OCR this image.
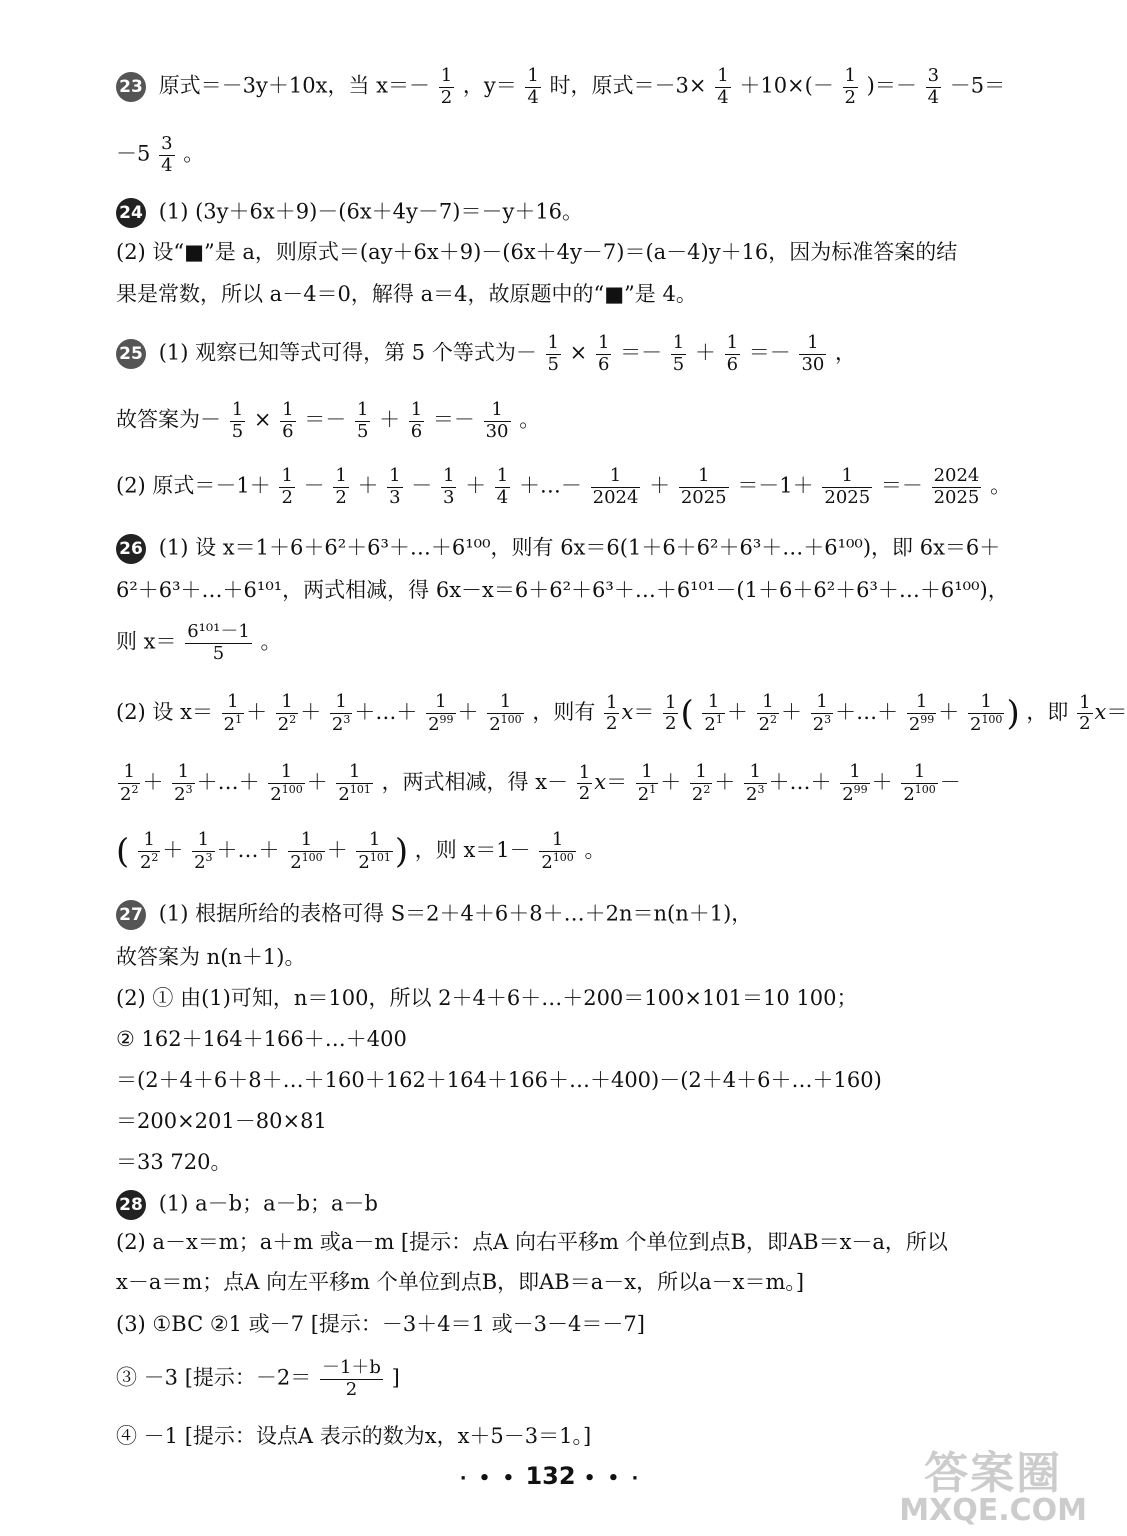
23 原式＝－3y＋10x，当 $x=- \frac{1}{2}$ ，$y= \frac{1}{4}$ 时，原式$=-3\times \frac{1}{4} +10\times(- \frac{1}{2}$ )＝－ $\frac{3}{4} -5=$
$-5 \frac{3}{4}$ 。
24 (1) (3y＋6x＋9)－(6x＋4y－7)＝－y＋16。
(2) 设“■”是 a，则原式＝(ay＋6x＋9)－(6x＋4y－7)＝(a－4)y＋16，因为标准答案的结
果是常数，所以 a－4＝0，解得 a＝4，故原题中的“■”是 4。
25 (1) 观察已知等式可得，第 5 个等式为－ $\frac{1}{5} \times \frac{1}{6} =- \frac{1}{5} + \frac{1}{6} =- \frac{1}{30}$ ，
故答案为－ $\frac{1}{5} \times \frac{1}{6} =- \frac{1}{5} + \frac{1}{6} =- \frac{1}{30}$ 。
(2) 原式$=-1+ \frac{1}{2} - \frac{1}{2} + \frac{1}{3} - \frac{1}{3} + \frac{1}{4}$ ＋…－ $\frac{1}{2024} + \frac{1}{2025} =-1+ \frac{1}{2025} =- \frac{2024}{2025}$ 。
26 (1) 设 x＝1＋6＋6²＋6³＋…＋6¹⁰⁰，则有 6x＝6(1＋6＋6²＋6³＋…＋6¹⁰⁰)，即 6x＝6＋
6²＋6³＋…＋6¹⁰¹，两式相减，得 6x－x＝6＋6²＋6³＋…＋6¹⁰¹－(1＋6＋6²＋6³＋…＋6¹⁰⁰)，
则 $x= \frac{\text{6¹⁰¹－1}}{5}$ 。
(2) 设 $x= \frac{1}{2^1} + \frac{1}{2^2} + \frac{1}{2^3}$ ＋…＋ $\frac{1}{2^{99}} + \frac{1}{2^{100}}$ ，则有 $\frac{1}{2} x= \frac{1}{2}$ ( $\frac{1}{2^1} + \frac{1}{2^2} + \frac{1}{2^3}$ ＋…＋ $\frac{1}{2^{99}} + \frac{1}{2^{100}}$ ) ，即 $\frac{1}{2} x=$
$\frac{1}{2^2} + \frac{1}{2^3}$ ＋…＋ $\frac{1}{2^{100}} + \frac{1}{2^{101}}$ ，两式相减，得 $x- \frac{1}{2} x= \frac{1}{2^1} + \frac{1}{2^2} + \frac{1}{2^3}$ ＋…＋ $\frac{1}{2^{99}} + \frac{1}{2^{100}}$ －
( $\frac{1}{2^2} + \frac{1}{2^3}$ ＋…＋ $\frac{1}{2^{100}} + \frac{1}{2^{101}}$ ) ，则 $x=1- \frac{1}{2^{100}}$ 。
27 (1) 根据所给的表格可得 S＝2＋4＋6＋8＋…＋2n＝n(n＋1)，
故答案为 n(n＋1)。
(2) ① 由(1)可知，n＝100，所以 2＋4＋6＋…＋200＝100×101＝10 100；
② 162＋164＋166＋…＋400
＝(2＋4＋6＋8＋…＋160＋162＋164＋166＋…＋400)－(2＋4＋6＋…＋160)
＝200×201－80×81
＝33 720。
28 (1) a－b；a－b；a－b
(2) a－x＝m；a＋m 或a－m [提示：点A 向右平移m 个单位到点B，即AB＝x－a，所以
x－a＝m；点A 向左平移m 个单位到点B，即AB＝a－x，所以a－x＝m。]
(3) ①BC ②1 或－7 [提示：－3＋4＝1 或－3－4＝－7]
③ －3 [提示：$-2= \frac{-1+b}{2}$ ]
④ －1 [提示：设点A 表示的数为x，x＋5－3＝1。]
· • • 132 • • ·	答案圈
MXQE.COM
